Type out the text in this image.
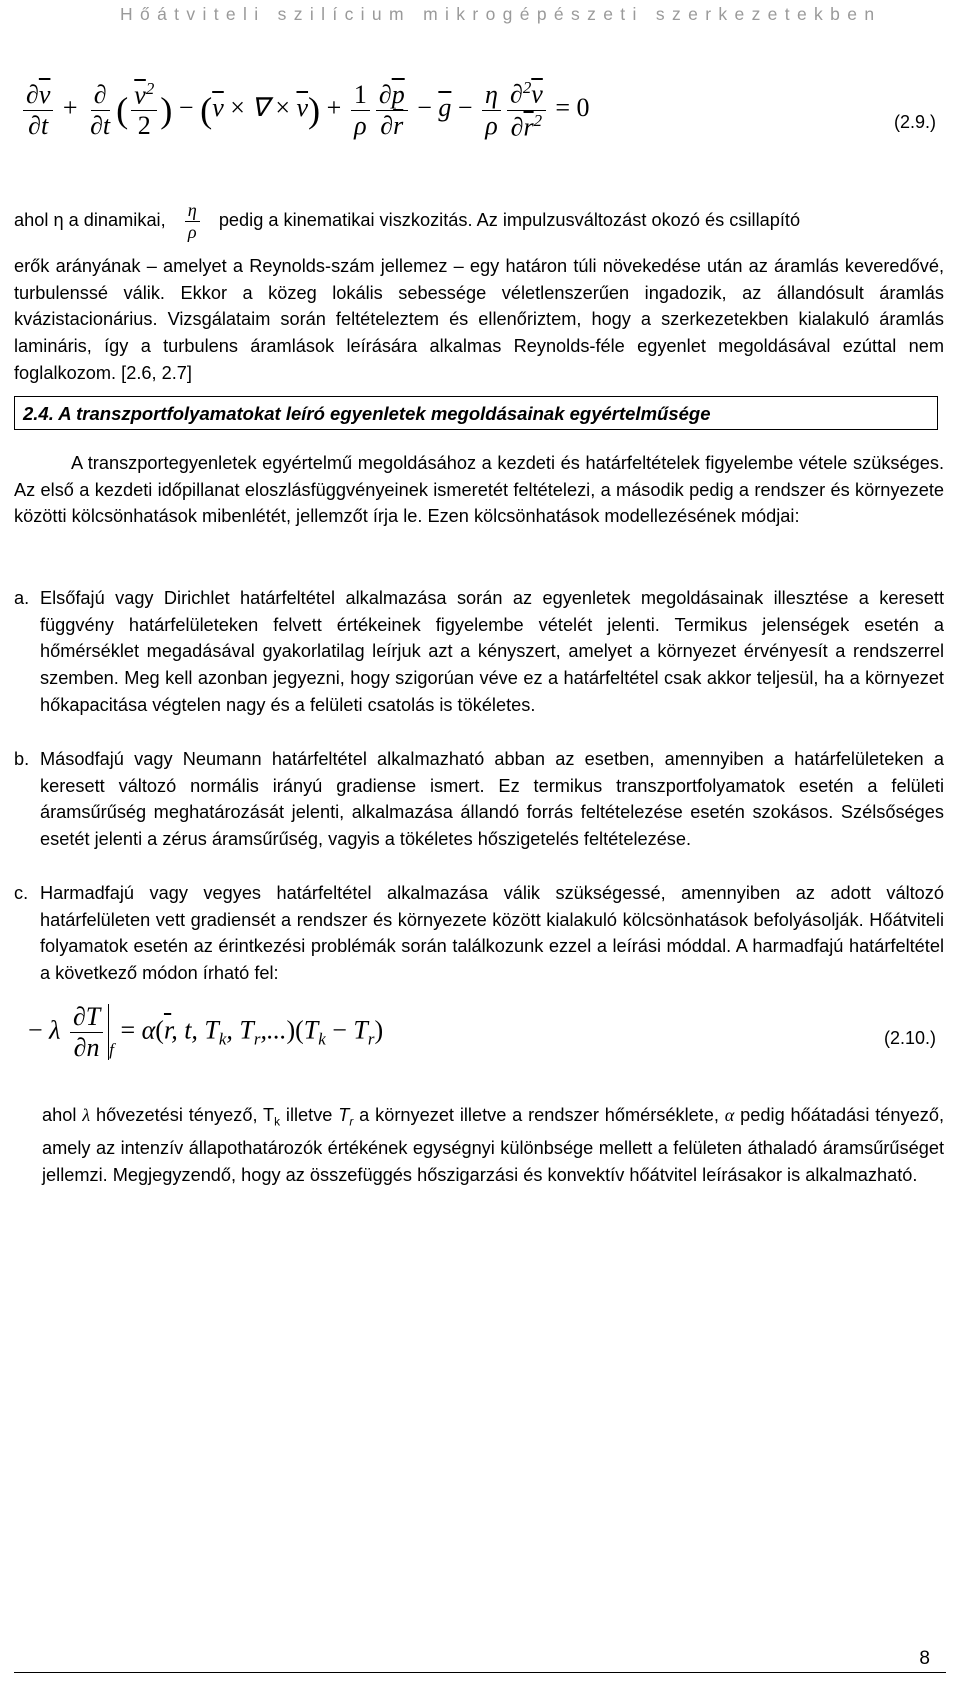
Hőátviteli szilícium mikrogépészeti szerkezetekben
$\frac{\partial\overline{v}}{\partial t} + \frac{\partial}{\partial t}$ ( $\frac{\overline{v}^2}{2}$ ) − ($\overline{v}$ × ∇ × $\overline{v}) + \frac{1}{\rho} \frac{\partial\overline{p}}{\partial\overline{r}} - \overline{g} - \frac{\eta}{\rho} \frac{\partial^2\overline{v}}{\partial\overline{r}^2} = 0$	(2.9.)
ahol η a dinamikai, $\frac{\eta}{\rho}$ pedig a kinematikai viszkozitás. Az impulzusváltozást okozó és csillapító
erők arányának – amelyet a Reynolds-szám jellemez – egy határon túli növekedése után az áramlás keveredővé, turbulenssé válik. Ekkor a közeg lokális sebessége véletlenszerűen ingadozik, az állandósult áramlás kvázistacionárius. Vizsgálataim során feltételeztem és ellenőriztem, hogy a szerkezetekben kialakuló áramlás lamináris, így a turbulens áramlások leírására alkalmas Reynolds-féle egyenlet megoldásával ezúttal nem foglalkozom. [2.6, 2.7]
2.4. A transzportfolyamatokat leíró egyenletek megoldásainak egyértelműsége
A transzportegyenletek egyértelmű megoldásához a kezdeti és határfeltételek figyelembe vétele szükséges. Az első a kezdeti időpillanat eloszlásfüggvényeinek ismeretét feltételezi, a második pedig a rendszer és környezete közötti kölcsönhatások mibenlétét, jellemzőt írja le. Ezen kölcsönhatások modellezésének módjai:
a. Elsőfajú vagy Dirichlet határfeltétel alkalmazása során az egyenletek megoldásainak illesztése a keresett függvény határfelületeken felvett értékeinek figyelembe vételét jelenti. Termikus jelenségek esetén a hőmérséklet megadásával gyakorlatilag leírjuk azt a kényszert, amelyet a környezet érvényesít a rendszerrel szemben. Meg kell azonban jegyezni, hogy szigorúan véve ez a határfeltétel csak akkor teljesül, ha a környezet hőkapacitása végtelen nagy és a felületi csatolás is tökéletes.
b. Másodfajú vagy Neumann határfeltétel alkalmazható abban az esetben, amennyiben a határfelületeken a keresett változó normális irányú gradiense ismert. Ez termikus transzportfolyamatok esetén a felületi áramsűrűség meghatározását jelenti, alkalmazása állandó forrás feltételezése esetén szokásos. Szélsőséges esetét jelenti a zérus áramsűrűség, vagyis a tökéletes hőszigetelés feltételezése.
c. Harmadfajú vagy vegyes határfeltétel alkalmazása válik szükségessé, amennyiben az adott változó határfelületen vett gradiensét a rendszer és környezete között kialakuló kölcsönhatások befolyásolják. Hőátviteli folyamatok esetén az érintkezési problémák során találkozunk ezzel a leírási móddal. A harmadfajú határfeltétel a következő módon írható fel:
− λ $\frac{\partial T}{\partial n} _f = \alpha(\overline{r}$, t, $T_k$, $T_r,...)(T_k - T_r)$	(2.10.)
ahol λ hővezetési tényező, $T_k$ illetve $T_r$ a környezet illetve a rendszer hőmérséklete, α pedig hőátadási tényező, amely az intenzív állapothatározók értékének egységnyi különbsége mellett a felületen áthaladó áramsűrűséget jellemzi. Megjegyzendő, hogy az összefüggés hőszigarzási és konvektív hőátvitel leírásakor is alkalmazható.
8
